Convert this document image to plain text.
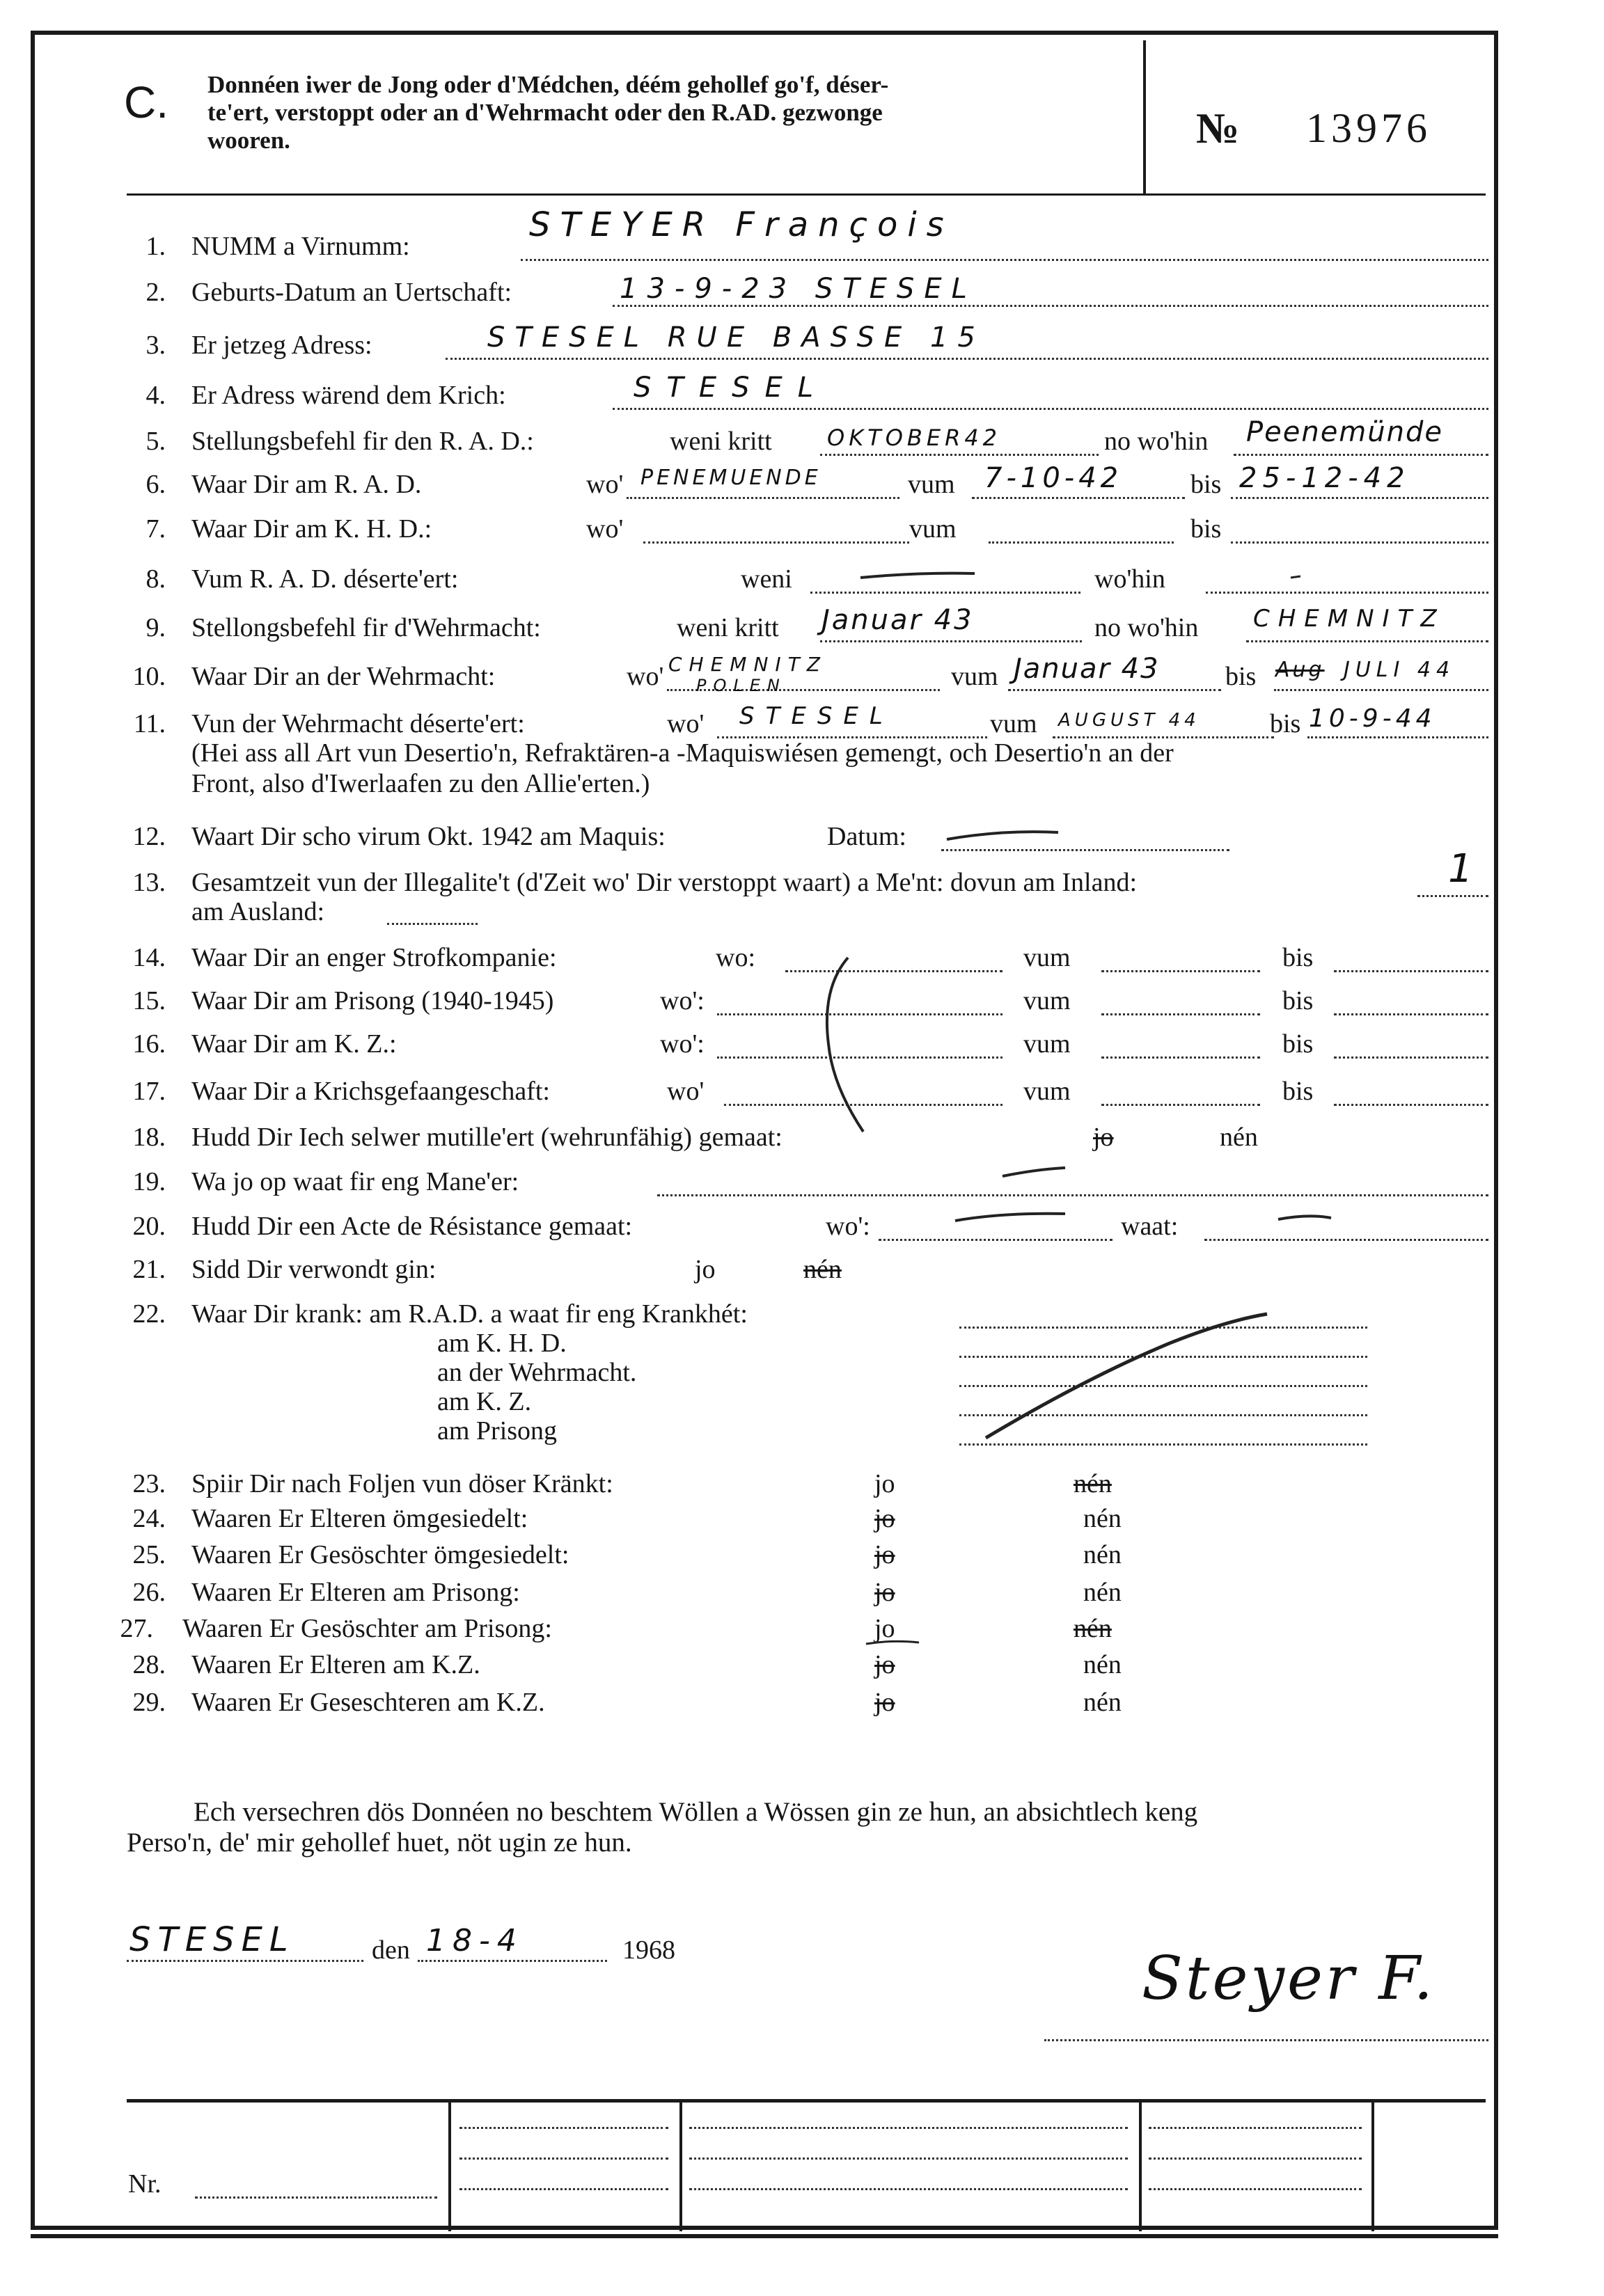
C. Donnéen iwer de Jong oder d'Médchen, déém gehollef go'f, déser-
te'ert, verstoppt oder an d'Wehrmacht oder den R.AD. gezwonge
wooren.	№ 13976
1. NUMM a Virnumm:
STEYER François
2. Geburts-Datum an Uertschaft:	13-9-23 STESEL
3. Er jetzeg Adress:	STESEL RUE BASSE 15
4. Er Adress wärend dem Krich:	STESEL
5. Stellungsbefehl fir den R. A. D.:	weni kritt OKTOBER42	no wo'hin Peenemünde
6. Waar Dir am R. A. D.	wo' PENEMUENDE	vum 7-10-42	bis 25-12-42
7. Waar Dir am K. H. D.:	wo'	vum	bis
8. Vum R. A. D. déserte'ert:	weni	wo'hin
9. Stellongsbefehl fir d'Wehrmacht:	weni kritt Januar 43	no wo'hin CHEMNITZ
10. Waar Dir an der Wehrmacht:	wo' CHEMNITZ
POLEN	vum Januar 43 bis Aug JULI 44
11. Vun der Wehrmacht déserte'ert:	wo' STESEL	vum AUGUST 44	bis 10-9-44
(Hei ass all Art vun Desertio'n, Refraktären-a -Maquiswiésen gemengt, och Desertio'n an der
Front, also d'Iwerlaafen zu den Allie'erten.)
12. Waart Dir scho virum Okt. 1942 am Maquis:	Datum:
13. Gesamtzeit vun der Illegalite't (d'Zeit wo' Dir verstoppt waart) a Me'nt: dovun am Inland:	1
am Ausland:
14. Waar Dir an enger Strofkompanie:	wo:	vum	bis
15. Waar Dir am Prisong (1940-1945)	wo':	vum	bis
16. Waar Dir am K. Z.:	wo':	vum	bis
17. Waar Dir a Krichsgefaangeschaft:	wo'	vum	bis
18. Hudd Dir Iech selwer mutille'ert (wehrunfähig) gemaat:	jo	nén
19. Wa jo op waat fir eng Mane'er:
20. Hudd Dir een Acte de Résistance gemaat:	wo':	waat:
21. Sidd Dir verwondt gin:	jo	nén
22. Waar Dir krank: am R.A.D. a waat fir eng Krankhét:
am K. H. D.
an der Wehrmacht.
am K. Z.
am Prisong
23. Spiir Dir nach Foljen vun döser Kränkt:	jo	nén
24. Waaren Er Elteren ömgesiedelt:	jo	nén
25. Waaren Er Gesöschter ömgesiedelt:	jo	nén
26. Waaren Er Elteren am Prisong:	jo	nén
27. Waaren Er Gesöschter am Prisong:	jo	nén
28. Waaren Er Elteren am K.Z.	jo	nén
29. Waaren Er Geseschteren am K.Z.	jo	nén
Ech versechren dös Donnéen no beschtem Wöllen a Wössen gin ze hun, an absichtlech keng
Perso'n, de' mir gehollef huet, nöt ugin ze hun.
STESEL	den 18-4	1968	Steyer F.
Nr.
